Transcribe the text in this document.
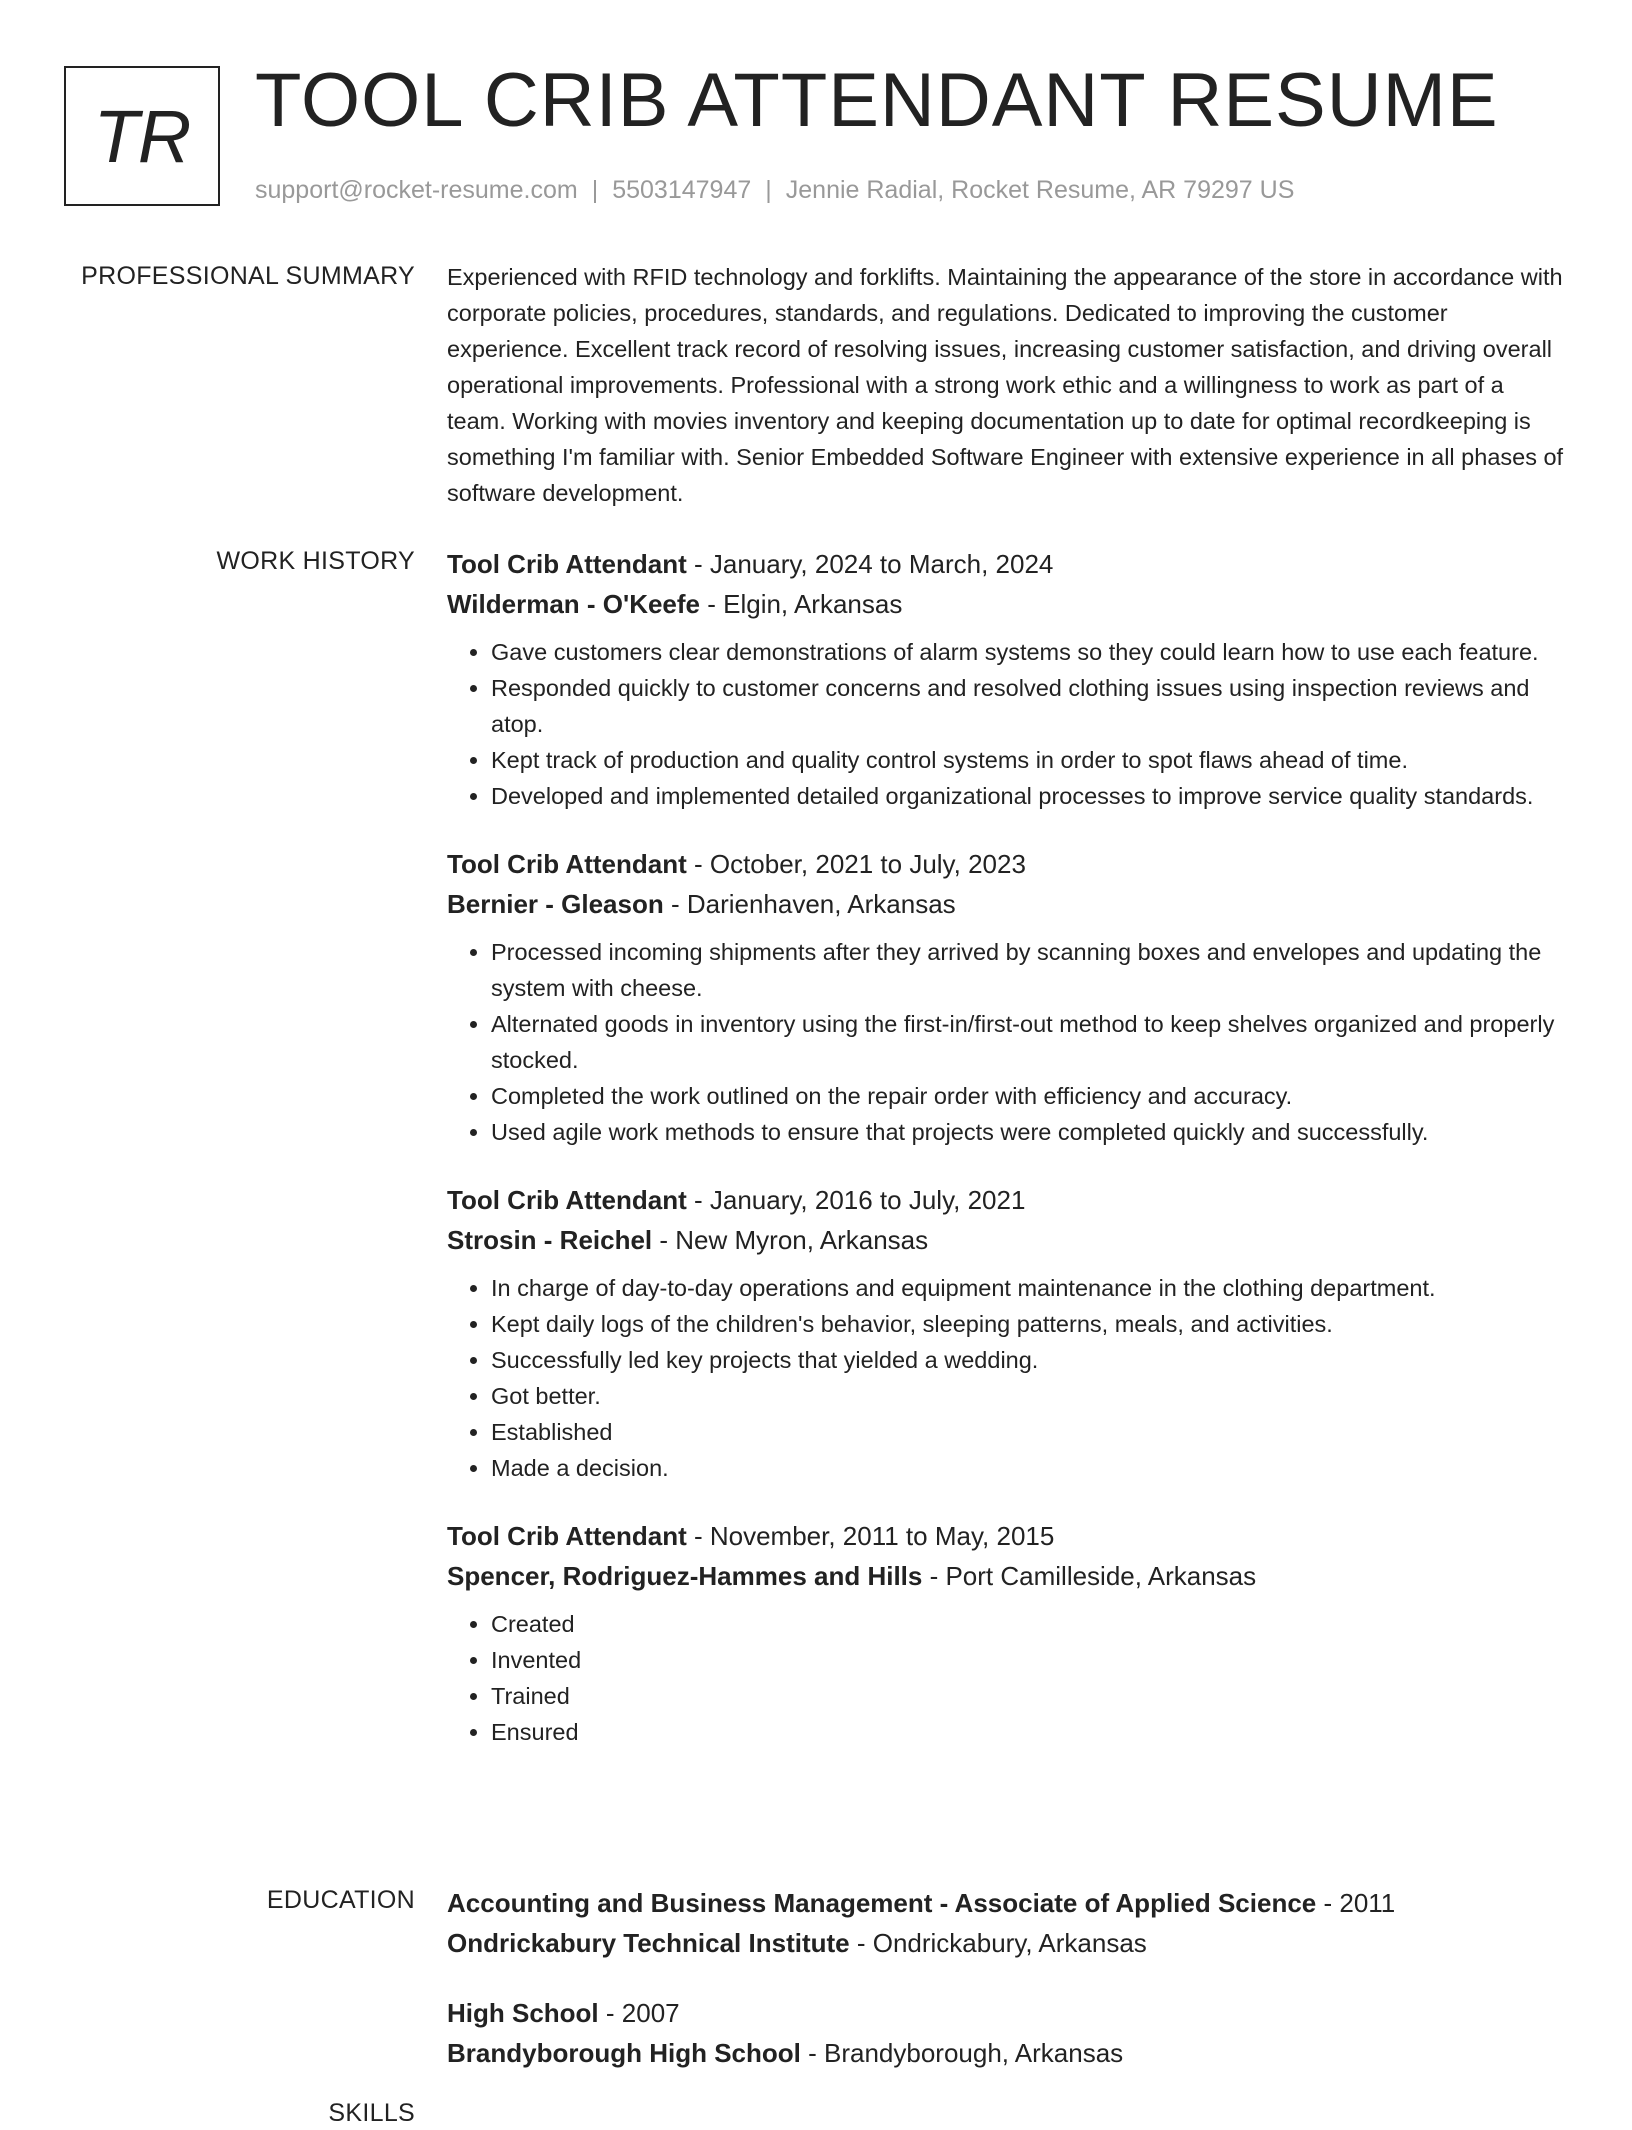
TR TOOL CRIB ATTENDANT RESUME
support@rocket-resume.com | 5503147947 | Jennie Radial, Rocket Resume, AR 79297 US
PROFESSIONAL SUMMARY Experienced with RFID technology and forklifts. Maintaining the appearance of the store in accordance with corporate policies, procedures, standards, and regulations. Dedicated to improving the customer experience. Excellent track record of resolving issues, increasing customer satisfaction, and driving overall operational improvements. Professional with a strong work ethic and a willingness to work as part of a team. Working with movies inventory and keeping documentation up to date for optimal recordkeeping is something I'm familiar with. Senior Embedded Software Engineer with extensive experience in all phases of software development.

WORK HISTORY Tool Crib Attendant - January, 2024 to March, 2024
Wilderman - O'Keefe - Elgin, Arkansas
• Gave customers clear demonstrations of alarm systems so they could learn how to use each feature.
• Responded quickly to customer concerns and resolved clothing issues using inspection reviews and atop.
• Kept track of production and quality control systems in order to spot flaws ahead of time.
• Developed and implemented detailed organizational processes to improve service quality standards.
Tool Crib Attendant - October, 2021 to July, 2023
Bernier - Gleason - Darienhaven, Arkansas
• Processed incoming shipments after they arrived by scanning boxes and envelopes and updating the system with cheese.
• Alternated goods in inventory using the first-in/first-out method to keep shelves organized and properly stocked.
• Completed the work outlined on the repair order with efficiency and accuracy.
• Used agile work methods to ensure that projects were completed quickly and successfully.
Tool Crib Attendant - January, 2016 to July, 2021
Strosin - Reichel - New Myron, Arkansas
• In charge of day-to-day operations and equipment maintenance in the clothing department.
• Kept daily logs of the children's behavior, sleeping patterns, meals, and activities.
• Successfully led key projects that yielded a wedding.
• Got better.
• Established
• Made a decision.
Tool Crib Attendant - November, 2011 to May, 2015
Spencer, Rodriguez-Hammes and Hills - Port Camilleside, Arkansas
• Created
• Invented
• Trained
• Ensured
EDUCATION Accounting and Business Management - Associate of Applied Science - 2011
Ondrickabury Technical Institute - Ondrickabury, Arkansas
High School - 2007
Brandyborough High School - Brandyborough, Arkansas
SKILLS
